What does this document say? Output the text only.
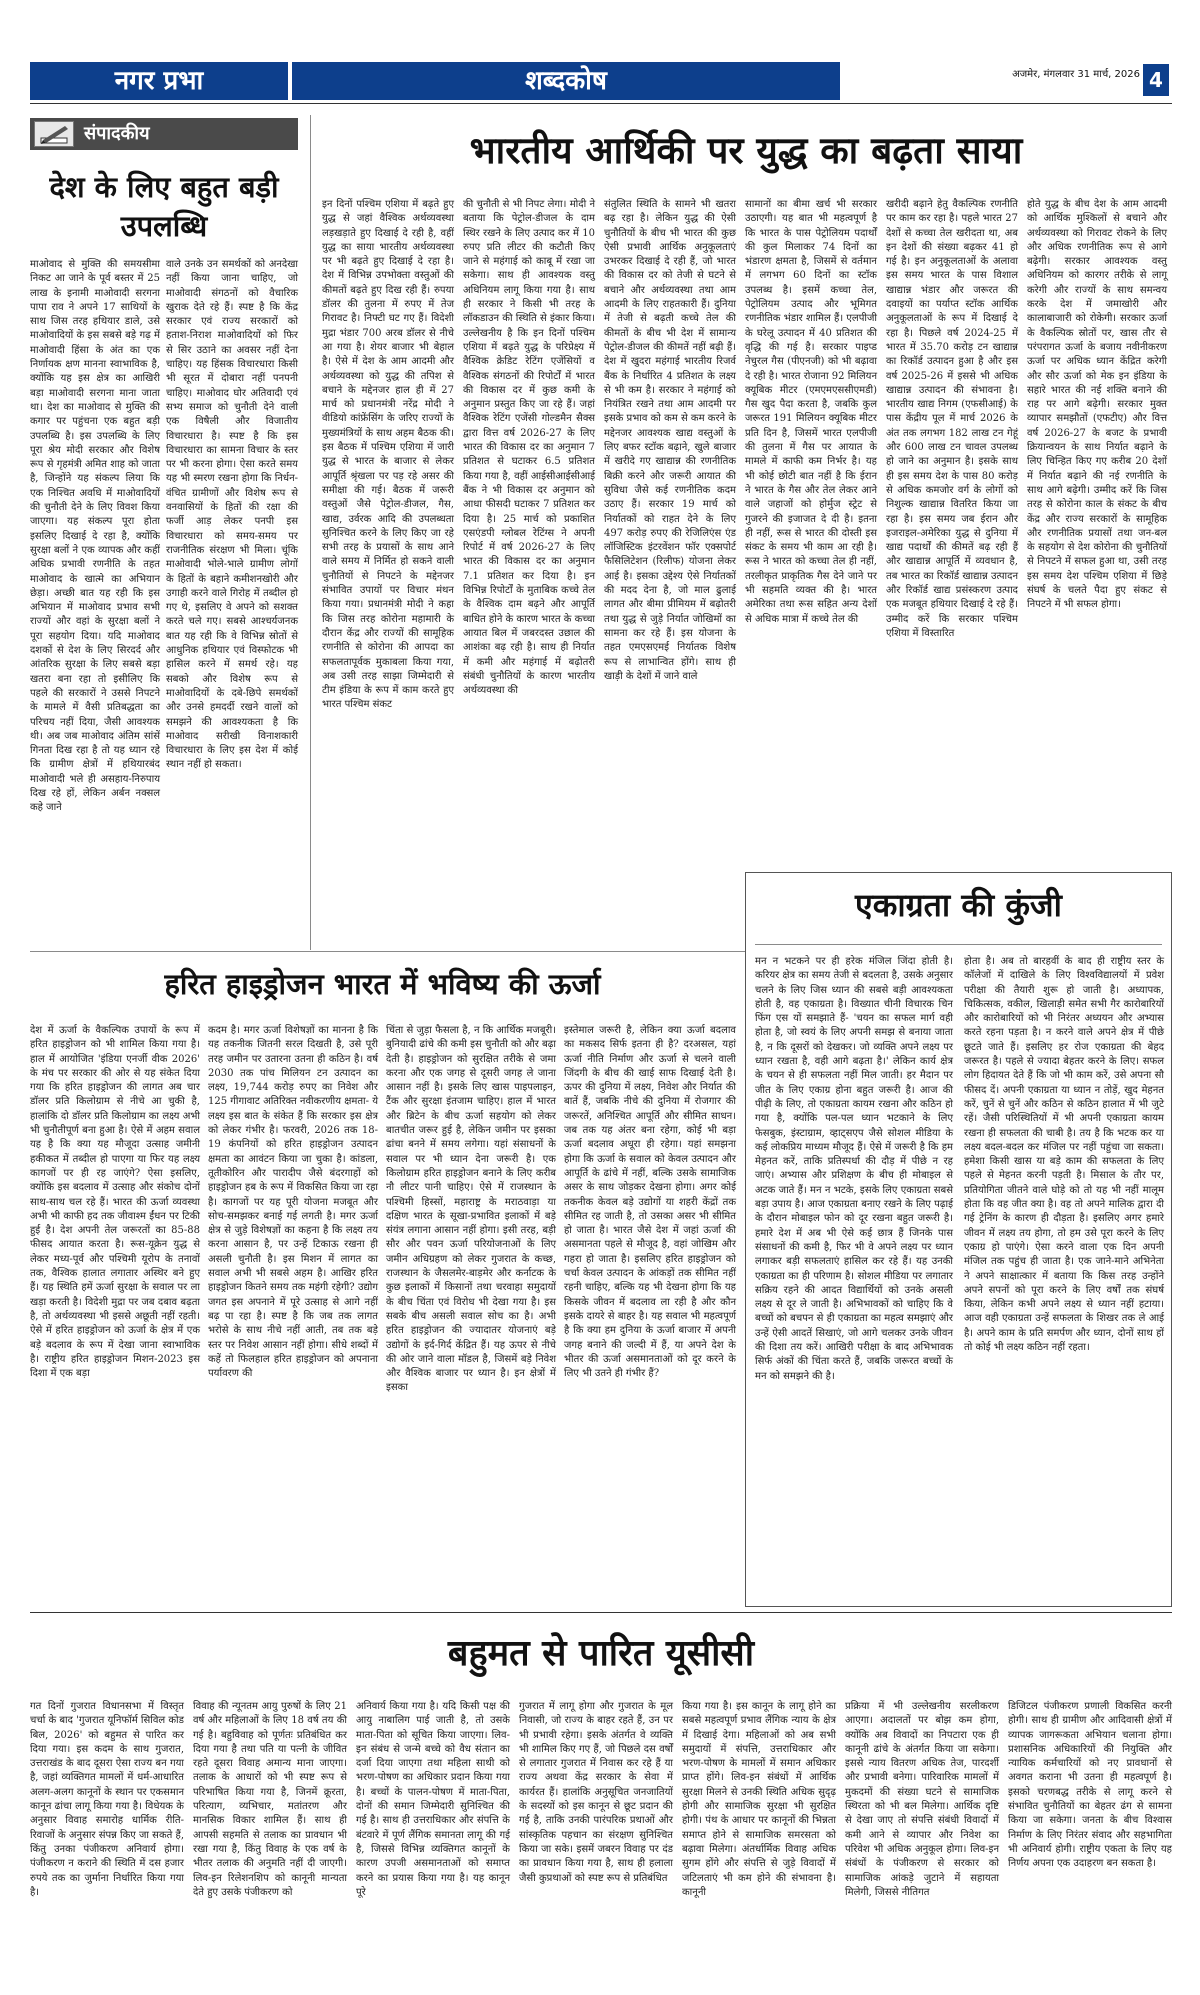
नगर प्रभा	शब्दकोष	अजमेर, मंगलवार 31 मार्च, 2026 4
संपादकीय
देश के लिए बहुत बड़ी उपलब्धि
माओवाद से मुक्ति की समयसीमा निकट आ जाने के पूर्व बस्तर में 25 लाख के इनामी माओवादी सरगना पापा राव ने अपने 17 साथियों के साथ जिस तरह हथियार डाले, उसे माओवादियों के इस सबसे बड़े गढ़ में माओवादी हिंसा के अंत का एक निर्णायक क्षण मानना स्वाभाविक है, क्योंकि यह इस क्षेत्र का आखिरी बड़ा माओवादी सरगना माना जाता था। देश का माओवाद से मुक्ति की कगार पर पहुंचना एक बहुत बड़ी उपलब्धि है। इस उपलब्धि के लिए पूरा श्रेय मोदी सरकार और विशेष रूप से गृहमंत्री अमित शाह को जाता है, जिन्होंने यह संकल्प लिया कि एक निश्चित अवधि में माओवादियों की चुनौती देने के लिए विवश किया जाएगा। यह संकल्प पूरा होता इसलिए दिखाई दे रहा है, क्योंकि सुरक्षा बलों ने एक व्यापक और कहीं अधिक प्रभावी रणनीति के तहत माओवाद के खात्मे का अभियान छेड़ा। अच्छी बात यह रही कि इस अभियान में माओवाद प्रभाव सभी राज्यों और वहां के सुरक्षा बलों ने पूरा सहयोग दिया। यदि माओवाद दशकों से देश के लिए सिरदर्द और आंतरिक सुरक्षा के लिए सबसे बड़ा खतरा बना रहा तो इसीलिए कि पहले की सरकारों ने उससे निपटने के मामले में वैसी प्रतिबद्धता का परिचय नहीं दिया, जैसी आवश्यक थी। अब जब माओवाद अंतिम सांसें गिनता दिख रहा है तो यह ध्यान रहे कि ग्रामीण क्षेत्रों में हथियारबंद माओवादी भले ही असहाय-निरुपाय दिख रहे हों, लेकिन अर्बन नक्सल कहे जाने
वाले उनके उन समर्थकों को अनदेखा नहीं किया जाना चाहिए, जो माओवादी संगठनों को वैचारिक खुराक देते रहे हैं। स्पष्ट है कि केंद्र सरकार एवं राज्य सरकारों को हताश-निराश माओवादियों को फिर से सिर उठाने का अवसर नहीं देना चाहिए। यह हिंसक विचारधारा किसी भी सूरत में दोबारा नहीं पनपनी चाहिए। माओवाद घोर अतिवादी एवं सभ्य समाज को चुनौती देने वाली एक विषैली और विजातीय विचारधारा है। स्पष्ट है कि इस विचारधारा का सामना विचार के स्तर पर भी करना होगा। ऐसा करते समय यह भी स्मरण रखना होगा कि निर्धन-वंचित ग्रामीणों और विशेष रूप से वनवासियों के हितों की रक्षा की फर्जी आड़ लेकर पनपी इस विचारधारा को समय-समय पर राजनीतिक संरक्षण भी मिला। चूंकि माओवादी भोले-भाले ग्रामीण लोगों के हितों के बहाने कमीशनखोरी और उगाही करने वाले गिरोह में तब्दील हो गए थे, इसलिए वे अपने को सशक्त करते चले गए। सबसे आश्चर्यजनक बात यह रही कि वे विभिन्न स्रोतों से आधुनिक हथियार एवं विस्फोटक भी हासिल करने में समर्थ रहे। यह सबको और विशेष रूप से माओवादियों के दबे-छिपे समर्थकों और उनसे हमदर्दी रखने वालों को समझने की आवश्यकता है कि माओवाद सरीखी विनाशकारी विचारधारा के लिए इस देश में कोई स्थान नहीं हो सकता।
भारतीय आर्थिकी पर युद्ध का बढ़ता साया
इन दिनों पश्चिम एशिया में बढ़ते हुए युद्ध से जहां वैश्विक अर्थव्यवस्था लड़खड़ाते हुए दिखाई दे रही है, वहीं युद्ध का साया भारतीय अर्थव्यवस्था पर भी बढ़ते हुए दिखाई दे रहा है। देश में विभिन्न उपभोक्ता वस्तुओं की कीमतों बढ़ते हुए दिख रही हैं। रुपया डॉलर की तुलना में रुपए में तेज गिरावट है। निफ्टी घट गए हैं। विदेशी मुद्रा भंडार 700 अरब डॉलर से नीचे आ गया है। शेयर बाजार भी बेहाल है। ऐसे में देश के आम आदमी और अर्थव्यवस्था को युद्ध की तपिश से बचाने के मद्देनजर हाल ही में 27 मार्च को प्रधानमंत्री नरेंद्र मोदी ने वीडियो कांफ्रेंसिंग के जरिए राज्यों के मुख्यमंत्रियों के साथ अहम बैठक की। इस बैठक में पश्चिम एशिया में जारी युद्ध से भारत के बाजार से लेकर आपूर्ति श्रृंखला पर पड़ रहे असर की समीक्षा की गई। बैठक में जरूरी वस्तुओं जैसे पेट्रोल-डीजल, गैस, खाद्य, उर्वरक आदि की उपलब्धता सुनिश्चित करने के लिए किए जा रहे सभी तरह के प्रयासों के साथ आने वाले समय में निर्मित हो सकने वाली चुनौतियों से निपटने के मद्देनजर संभावित उपायों पर विचार मंथन किया गया। प्रधानमंत्री मोदी ने कहा कि जिस तरह कोरोना महामारी के दौरान केंद्र और राज्यों की सामूहिक रणनीति से कोरोना की आपदा का सफलतापूर्वक मुकाबला किया गया, अब उसी तरह साझा जिम्मेदारी से टीम इंडिया के रूप में काम करते हुए भारत पश्चिम संकट
की चुनौती से भी निपट लेगा। मोदी ने बताया कि पेट्रोल-डीजल के दाम स्थिर रखने के लिए उत्पाद कर में 10 रुपए प्रति लीटर की कटौती किए जाने से महंगाई को काबू में रखा जा सकेगा। साथ ही आवश्यक वस्तु अधिनियम लागू किया गया है। साथ ही सरकार ने किसी भी तरह के लॉकडाउन की स्थिति से इंकार किया। उल्लेखनीय है कि इन दिनों पश्चिम एशिया में बढ़ते युद्ध के परिप्रेक्ष्य में वैश्विक क्रेडिट रेटिंग एजेंसियों व वैश्विक संगठनों की रिपोर्टों में भारत की विकास दर में कुछ कमी के अनुमान प्रस्तुत किए जा रहे हैं। जहां वैश्विक रेटिंग एजेंसी गोल्डमैन सैक्स द्वारा वित्त वर्ष 2026-27 के लिए भारत की विकास दर का अनुमान 7 प्रतिशत से घटाकर 6.5 प्रतिशत किया गया है, वहीं आईसीआईसीआई बैंक ने भी विकास दर अनुमान को आधा फीसदी घटाकर 7 प्रतिशत कर दिया है। 25 मार्च को प्रकाशित एसएंडपी ग्लोबल रेटिंग्स ने अपनी रिपोर्ट में वर्ष 2026-27 के लिए भारत की विकास दर का अनुमान 7.1 प्रतिशत कर दिया है। इन विभिन्न रिपोर्टों के मुताबिक कच्चे तेल के वैश्विक दाम बढ़ने और आपूर्ति बाधित होने के कारण भारत के कच्चा आयात बिल में जबरदस्त उछाल की आशंका बढ़ रही है। साथ ही निर्यात में कमी और महंगाई में बढ़ोतरी संबंधी चुनौतियों के कारण भारतीय अर्थव्यवस्था की
संतुलित स्थिति के सामने भी खतरा बढ़ रहा है। लेकिन युद्ध की ऐसी चुनौतियों के बीच भी भारत की कुछ ऐसी प्रभावी आर्थिक अनुकूलताएं उभरकर दिखाई दे रही हैं, जो भारत की विकास दर को तेजी से घटने से बचाने और अर्थव्यवस्था तथा आम आदमी के लिए राहतकारी हैं। दुनिया में तेजी से बढ़ती कच्चे तेल की कीमतों के बीच भी देश में सामान्य पेट्रोल-डीजल की कीमतें नहीं बढ़ी हैं। देश में खुदरा महंगाई भारतीय रिजर्व बैंक के निर्धारित 4 प्रतिशत के लक्ष्य से भी कम है। सरकार ने महंगाई को नियंत्रित रखने तथा आम आदमी पर इसके प्रभाव को कम से कम करने के मद्देनजर आवश्यक खाद्य वस्तुओं के लिए बफर स्टॉक बढ़ाने, खुले बाजार में खरीदे गए खाद्यान्न की रणनीतिक बिक्री करने और जरूरी आयात की सुविधा जैसे कई रणनीतिक कदम उठाए हैं। सरकार 19 मार्च को निर्यातकों को राहत देने के लिए 497 करोड़ रुपए की रेजिलिएंस एंड लॉजिस्टिक इंटरवेंशन फॉर एक्सपोर्ट फैसिलिटेशन (रिलीफ) योजना लेकर आई है। इसका उद्देश्य ऐसे निर्यातकों की मदद देना है, जो माल ढुलाई लागत और बीमा प्रीमियम में बढ़ोतरी तथा युद्ध से जुड़े निर्यात जोखिमों का सामना कर रहे हैं। इस योजना के तहत एमएसएमई निर्यातक विशेष रूप से लाभान्वित होंगे। साथ ही खाड़ी के देशों में जाने वाले
सामानों का बीमा खर्च भी सरकार उठाएगी। यह बात भी महत्वपूर्ण है कि भारत के पास पेट्रोलियम पदार्थों की कुल मिलाकर 74 दिनों का भंडारण क्षमता है, जिसमें से वर्तमान में लगभग 60 दिनों का स्टॉक उपलब्ध है। इसमें कच्चा तेल, पेट्रोलियम उत्पाद और भूमिगत रणनीतिक भंडार शामिल हैं। एलपीजी के घरेलू उत्पादन में 40 प्रतिशत की वृद्धि की गई है। सरकार पाइप्ड नेचुरल गैस (पीएनजी) को भी बढ़ावा दे रही है। भारत रोजाना 92 मिलियन क्यूबिक मीटर (एमएमएससीएमडी) गैस खुद पैदा करता है, जबकि कुल जरूरत 191 मिलियन क्यूबिक मीटर प्रति दिन है, जिसमें भारत एलपीजी की तुलना में गैस पर आयात के मामले में काफी कम निर्भर है। यह भी कोई छोटी बात नहीं है कि ईरान ने भारत के गैस और तेल लेकर आने वाले जहाजों को होर्मुज स्ट्रेट से गुजरने की इजाजत दे दी है। इतना ही नहीं, रूस से भारत की दोस्ती इस संकट के समय भी काम आ रही है। रूस ने भारत को कच्चा तेल ही नहीं, तरलीकृत प्राकृतिक गैस देने जाने पर भी सहमति व्यक्त की है। भारत अमेरिका तथा रूस सहित अन्य देशों से अधिक मात्रा में कच्चे तेल की
खरीदी बढ़ाने हेतु वैकल्पिक रणनीति पर काम कर रहा है। पहले भारत 27 देशों से कच्चा तेल खरीदता था, अब इन देशों की संख्या बढ़कर 41 हो गई है। इन अनुकूलताओं के अलावा इस समय भारत के पास विशाल खाद्यान्न भंडार और जरूरत की दवाइयों का पर्याप्त स्टॉक आर्थिक अनुकूलताओं के रूप में दिखाई दे रहा है। पिछले वर्ष 2024-25 में भारत में 35.70 करोड़ टन खाद्यान्न का रिकॉर्ड उत्पादन हुआ है और इस वर्ष 2025-26 में इससे भी अधिक खाद्यान्न उत्पादन की संभावना है। भारतीय खाद्य निगम (एफसीआई) के पास केंद्रीय पूल में मार्च 2026 के अंत तक लगभग 182 लाख टन गेहूं और 600 लाख टन चावल उपलब्ध हो जाने का अनुमान है। इसके साथ ही इस समय देश के पास 80 करोड़ से अधिक कमजोर वर्ग के लोगों को निशुल्क खाद्यान्न वितरित किया जा रहा है। इस समय जब ईरान और इजराइल-अमेरिका युद्ध से दुनिया में खाद्य पदार्थों की कीमतें बढ़ रही हैं और खाद्यान्न आपूर्ति में व्यवधान है, तब भारत का रिकॉर्ड खाद्यान्न उत्पादन और रिकॉर्ड खाद्य प्रसंस्करण उत्पाद एक मजबूत हथियार दिखाई दे रहे हैं। उम्मीद करें कि सरकार पश्चिम एशिया में विस्तारित
होते युद्ध के बीच देश के आम आदमी को आर्थिक मुश्किलों से बचाने और अर्थव्यवस्था को गिरावट रोकने के लिए और अधिक रणनीतिक रूप से आगे बढ़ेगी। सरकार आवश्यक वस्तु अधिनियम को कारगर तरीके से लागू करेगी और राज्यों के साथ समन्वय करके देश में जमाखोरी और कालाबाजारी को रोकेगी। सरकार ऊर्जा के वैकल्पिक स्रोतों पर, खास तौर से परंपरागत ऊर्जा के बजाय नवीनीकरण ऊर्जा पर अधिक ध्यान केंद्रित करेगी और सौर ऊर्जा को मेक इन इंडिया के सहारे भारत की नई शक्ति बनाने की राह पर आगे बढ़ेगी। सरकार मुक्त व्यापार समझौतों (एफटीए) और वित्त वर्ष 2026-27 के बजट के प्रभावी क्रियान्वयन के साथ निर्यात बढ़ाने के लिए चिन्हित किए गए करीब 20 देशों में निर्यात बढ़ाने की नई रणनीति के साथ आगे बढ़ेगी। उम्मीद करें कि जिस तरह से कोरोना काल के संकट के बीच केंद्र और राज्य सरकारों के सामूहिक और रणनीतिक प्रयासों तथा जन-बल के सहयोग से देश कोरोना की चुनौतियों से निपटने में सफल हुआ था, उसी तरह इस समय देश पश्चिम एशिया में छिड़े संघर्ष के चलते पैदा हुए संकट से निपटने में भी सफल होगा।
एकाग्रता की कुंजी
मन न भटकने पर ही हरेक मंजिल जिंदा होती है। करियर क्षेत्र का समय तेजी से बदलता है, उसके अनुसार चलने के लिए जिस ध्यान की सबसे बड़ी आवश्यकता होती है, वह एकाग्रता है। विख्यात चीनी विचारक चिन फिंग एस यों समझाते हैं- 'चयन का सफल मार्ग वही होता है, जो स्वयं के लिए अपनी समझ से बनाया जाता है, न कि दूसरों को देखकर। जो व्यक्ति अपने लक्ष्य पर ध्यान रखता है, वही आगे बढ़ता है।' लेकिन कार्य क्षेत्र के चयन से ही सफलता नहीं मिल जाती। हर मैदान पर जीत के लिए एकाग्र होना बहुत जरूरी है। आज की पीढ़ी के लिए, तो एकाग्रता कायम रखना और कठिन हो गया है, क्योंकि पल-पल ध्यान भटकाने के लिए फेसबुक, इंस्टाग्राम, व्हाट्सएप जैसे सोशल मीडिया के कई लोकप्रिय माध्यम मौजूद हैं। ऐसे में जरूरी है कि हम मेहनत करें, ताकि प्रतिस्पर्धा की दौड़ में पीछे न रह जाएं। अभ्यास और प्रशिक्षण के बीच ही मोबाइल से अटक जाते हैं। मन न भटके, इसके लिए एकाग्रता सबसे बड़ा उपाय है। आज एकाग्रता बनाए रखने के लिए पढ़ाई के दौरान मोबाइल फोन को दूर रखना बहुत जरूरी है। हमारे देश में अब भी ऐसे कई छात्र हैं जिनके पास संसाधनों की कमी है, फिर भी वे अपने लक्ष्य पर ध्यान लगाकर बड़ी सफलताएं हासिल कर रहे हैं। यह उनकी एकाग्रता का ही परिणाम है। सोशल मीडिया पर लगातार सक्रिय रहने की आदत विद्यार्थियों को उनके असली लक्ष्य से दूर ले जाती है। अभिभावकों को चाहिए कि वे बच्चों को बचपन से ही एकाग्रता का महत्व समझाएं और उन्हें ऐसी आदतें सिखाएं, जो आगे चलकर उनके जीवन की दिशा तय करें। आखिरी परीक्षा के बाद अभिभावक सिर्फ अंकों की चिंता करते हैं, जबकि जरूरत बच्चों के मन को समझने की है।
होता है। अब तो बारहवीं के बाद ही राष्ट्रीय स्तर के कॉलेजों में दाखिले के लिए विश्वविद्यालयों में प्रवेश परीक्षा की तैयारी शुरू हो जाती है। अध्यापक, चिकित्सक, वकील, खिलाड़ी समेत सभी गैर कारोबारियों और कारोबारियों को भी निरंतर अध्ययन और अभ्यास करते रहना पड़ता है। न करने वाले अपने क्षेत्र में पीछे छूटते जाते हैं। इसलिए हर रोज एकाग्रता की बेहद जरूरत है। पहले से ज्यादा बेहतर करने के लिए। सफल लोग हिदायत देते हैं कि जो भी काम करें, उसे अपना सौ फीसद दें। अपनी एकाग्रता या ध्यान न तोड़ें, खुद मेहनत करें, चुनें से चुनें और कठिन से कठिन हालात में भी जुटे रहें। जैसी परिस्थितियों में भी अपनी एकाग्रता कायम रखना ही सफलता की चाबी है। तय है कि भटक कर या लक्ष्य बदल-बदल कर मंजिल पर नहीं पहुंचा जा सकता। हमेशा किसी खास या बड़े काम की सफलता के लिए पहले से मेहनत करनी पड़ती है। मिसाल के तौर पर, प्रतियोगिता जीतने वाले घोड़े को तो यह भी नहीं मालूम होता कि वह जीत क्या है। वह तो अपने मालिक द्वारा दी गई ट्रेनिंग के कारण ही दौड़ता है। इसलिए अगर हमारे जीवन में लक्ष्य तय होगा, तो हम उसे पूरा करने के लिए एकाग्र हो पाएंगे। ऐसा करने वाला एक दिन अपनी मंजिल तक पहुंच ही जाता है। एक जाने-माने अभिनेता ने अपने साक्षात्कार में बताया कि किस तरह उन्होंने अपने सपनों को पूरा करने के लिए वर्षों तक संघर्ष किया, लेकिन कभी अपने लक्ष्य से ध्यान नहीं हटाया। आज वही एकाग्रता उन्हें सफलता के शिखर तक ले आई है। अपने काम के प्रति समर्पण और ध्यान, दोनों साथ हों तो कोई भी लक्ष्य कठिन नहीं रहता।
हरित हाइड्रोजन भारत में भविष्य की ऊर्जा
देश में ऊर्जा के वैकल्पिक उपायों के रूप में हरित हाइड्रोजन को भी शामिल किया गया है। हाल में आयोजित 'इंडिया एनर्जी वीक 2026' के मंच पर सरकार की ओर से यह संकेत दिया गया कि हरित हाइड्रोजन की लागत अब चार डॉलर प्रति किलोग्राम से नीचे आ चुकी है, हालांकि दो डॉलर प्रति किलोग्राम का लक्ष्य अभी भी चुनौतीपूर्ण बना हुआ है। ऐसे में अहम सवाल यह है कि क्या यह मौजूदा उत्साह जमीनी हकीकत में तब्दील हो पाएगा या फिर यह लक्ष्य कागजों पर ही रह जाएंगे? ऐसा इसलिए, क्योंकि इस बदलाव में उत्साह और संकोच दोनों साथ-साथ चल रहे हैं। भारत की ऊर्जा व्यवस्था अभी भी काफी हद तक जीवाश्म ईंधन पर टिकी हुई है। देश अपनी तेल जरूरतों का 85-88 फीसद आयात करता है। रूस-यूक्रेन युद्ध से लेकर मध्य-पूर्व और पश्चिमी यूरोप के तनावों तक, वैश्विक हालात लगातार अस्थिर बने हुए हैं। यह स्थिति हमें ऊर्जा सुरक्षा के सवाल पर ला खड़ा करती है। विदेशी मुद्रा पर जब दबाव बढ़ता है, तो अर्थव्यवस्था भी इससे अछूती नहीं रहती। ऐसे में हरित हाइड्रोजन को ऊर्जा के क्षेत्र में एक बड़े बदलाव के रूप में देखा जाना स्वाभाविक है। राष्ट्रीय हरित हाइड्रोजन मिशन-2023 इस दिशा में एक बड़ा
कदम है। मगर ऊर्जा विशेषज्ञों का मानना है कि यह तकनीक जितनी सरल दिखती है, उसे पूरी तरह जमीन पर उतारना उतना ही कठिन है। वर्ष 2030 तक पांच मिलियन टन उत्पादन का लक्ष्य, 19,744 करोड़ रुपए का निवेश और 125 गीगावाट अतिरिक्त नवीकरणीय क्षमता- ये लक्ष्य इस बात के संकेत हैं कि सरकार इस क्षेत्र को लेकर गंभीर है। फरवरी, 2026 तक 18-19 कंपनियों को हरित हाइड्रोजन उत्पादन क्षमता का आवंटन किया जा चुका है। कांडला, तूतीकोरिन और पारादीप जैसे बंदरगाहों को हाइड्रोजन हब के रूप में विकसित किया जा रहा है। कागजों पर यह पूरी योजना मजबूत और सोच-समझकर बनाई गई लगती है। मगर ऊर्जा क्षेत्र से जुड़े विशेषज्ञों का कहना है कि लक्ष्य तय करना आसान है, पर उन्हें टिकाऊ रखना ही असली चुनौती है। इस मिशन में लागत का सवाल अभी भी सबसे अहम है। आखिर हरित हाइड्रोजन कितने समय तक महंगी रहेगी? उद्योग जगत इस अपनाने में पूरे उत्साह से आगे नहीं बढ़ पा रहा है। स्पष्ट है कि जब तक लागत भरोसे के साथ नीचे नहीं आती, तब तक बड़े स्तर पर निवेश आसान नहीं होगा। सीधे शब्दों में कहें तो फिलहाल हरित हाइड्रोजन को अपनाना पर्यावरण की
चिंता से जुड़ा फैसला है, न कि आर्थिक मजबूरी। बुनियादी ढांचे की कमी इस चुनौती को और बढ़ा देती है। हाइड्रोजन को सुरक्षित तरीके से जमा करना और एक जगह से दूसरी जगह ले जाना आसान नहीं है। इसके लिए खास पाइपलाइन, टैंक और सुरक्षा इंतजाम चाहिए। हाल में भारत और ब्रिटेन के बीच ऊर्जा सहयोग को लेकर बातचीत जरूर हुई है, लेकिन जमीन पर इसका ढांचा बनने में समय लगेगा। यहां संसाधनों के सवाल पर भी ध्यान देना जरूरी है। एक किलोग्राम हरित हाइड्रोजन बनाने के लिए करीब नौ लीटर पानी चाहिए। ऐसे में राजस्थान के पश्चिमी हिस्सों, महाराष्ट्र के मराठवाड़ा या दक्षिण भारत के सूखा-प्रभावित इलाकों में बड़े संयंत्र लगाना आसान नहीं होगा। इसी तरह, बड़ी सौर और पवन ऊर्जा परियोजनाओं के लिए जमीन अधिग्रहण को लेकर गुजरात के कच्छ, राजस्थान के जैसलमेर-बाड़मेर और कर्नाटक के कुछ इलाकों में किसानों तथा चरवाहा समुदायों के बीच चिंता एवं विरोध भी देखा गया है। इस सबके बीच असली सवाल सोच का है। अभी हरित हाइड्रोजन की ज्यादातर योजनाएं बड़े उद्योगों के इर्द-गिर्द केंद्रित हैं। यह ऊपर से नीचे की ओर जाने वाला मॉडल है, जिसमें बड़े निवेश और वैश्विक बाजार पर ध्यान है। इन क्षेत्रों में इसका
इस्तेमाल जरूरी है, लेकिन क्या ऊर्जा बदलाव का मकसद सिर्फ इतना ही है? दरअसल, यहां ऊर्जा नीति निर्माण और ऊर्जा से चलने वाली जिंदगी के बीच की खाई साफ दिखाई देती है। ऊपर की दुनिया में लक्ष्य, निवेश और निर्यात की बातें हैं, जबकि नीचे की दुनिया में रोजगार की जरूरतें, अनिश्चित आपूर्ति और सीमित साधन। जब तक यह अंतर बना रहेगा, कोई भी बड़ा ऊर्जा बदलाव अधूरा ही रहेगा। यहां समझना होगा कि ऊर्जा के सवाल को केवल उत्पादन और आपूर्ति के ढांचे में नहीं, बल्कि उसके सामाजिक असर के साथ जोड़कर देखना होगा। अगर कोई तकनीक केवल बड़े उद्योगों या शहरी केंद्रों तक सीमित रह जाती है, तो उसका असर भी सीमित हो जाता है। भारत जैसे देश में जहां ऊर्जा की असमानता पहले से मौजूद है, वहां जोखिम और गहरा हो जाता है। इसलिए हरित हाइड्रोजन को चर्चा केवल उत्पादन के आंकड़ों तक सीमित नहीं रहनी चाहिए, बल्कि यह भी देखना होगा कि यह किसके जीवन में बदलाव ला रही है और कौन इसके दायरे से बाहर है। यह सवाल भी महत्वपूर्ण है कि क्या हम दुनिया के ऊर्जा बाजार में अपनी जगह बनाने की जल्दी में हैं, या अपने देश के भीतर की ऊर्जा असमानताओं को दूर करने के लिए भी उतने ही गंभीर हैं?
बहुमत से पारित यूसीसी
गत दिनों गुजरात विधानसभा में विस्तृत चर्चा के बाद 'गुजरात यूनिफॉर्म सिविल कोड बिल, 2026' को बहुमत से पारित कर दिया गया। इस कदम के साथ गुजरात, उत्तराखंड के बाद दूसरा ऐसा राज्य बन गया है, जहां व्यक्तिगत मामलों में धर्म-आधारित अलग-अलग कानूनों के स्थान पर एकसमान कानून ढांचा लागू किया गया है। विधेयक के अनुसार विवाह समारोह धार्मिक रीति-रिवाजों के अनुसार संपन्न किए जा सकते हैं, किंतु उनका पंजीकरण अनिवार्य होगा। पंजीकरण न कराने की स्थिति में दस हजार रुपये तक का जुर्माना निर्धारित किया गया है।
विवाह की न्यूनतम आयु पुरुषों के लिए 21 वर्ष और महिलाओं के लिए 18 वर्ष तय की गई है। बहुविवाह को पूर्णतः प्रतिबंधित कर दिया गया है तथा पति या पत्नी के जीवित रहते दूसरा विवाह अमान्य माना जाएगा। तलाक के आधारों को भी स्पष्ट रूप से परिभाषित किया गया है, जिनमें क्रूरता, परित्याग, व्यभिचार, मतांतरण और मानसिक विकार शामिल हैं। साथ ही आपसी सहमति से तलाक का प्रावधान भी रखा गया है, किंतु विवाह के एक वर्ष के भीतर तलाक की अनुमति नहीं दी जाएगी। लिव-इन रिलेशनशिप को कानूनी मान्यता देते हुए उसके पंजीकरण को
अनिवार्य किया गया है। यदि किसी पक्ष की आयु नाबालिग पाई जाती है, तो उसके माता-पिता को सूचित किया जाएगा। लिव-इन संबंध से जन्मे बच्चे को वैध संतान का दर्जा दिया जाएगा तथा महिला साथी को भरण-पोषण का अधिकार प्रदान किया गया है। बच्चों के पालन-पोषण में माता-पिता, दोनों की समान जिम्मेदारी सुनिश्चित की गई है। साथ ही उत्तराधिकार और संपत्ति के बंटवारे में पूर्ण लैंगिक समानता लागू की गई है, जिससे विभिन्न व्यक्तिगत कानूनों के कारण उपजी असमानताओं को समाप्त करने का प्रयास किया गया है। यह कानून पूरे
गुजरात में लागू होगा और गुजरात के मूल निवासी, जो राज्य के बाहर रहते हैं, उन पर भी प्रभावी रहेगा। इसके अंतर्गत वे व्यक्ति भी शामिल किए गए हैं, जो पिछले दस वर्षों से लगातार गुजरात में निवास कर रहे हैं या राज्य अथवा केंद्र सरकार के सेवा में कार्यरत हैं। हालांकि अनुसूचित जनजातियों के सदस्यों को इस कानून से छूट प्रदान की गई है, ताकि उनकी पारंपरिक प्रथाओं और सांस्कृतिक पहचान का संरक्षण सुनिश्चित किया जा सके। इसमें जबरन विवाह पर दंड का प्रावधान किया गया है, साथ ही हलाला जैसी कुप्रथाओं को स्पष्ट रूप से प्रतिबंधित
किया गया है। इस कानून के लागू होने का सबसे महत्वपूर्ण प्रभाव लैंगिक न्याय के क्षेत्र में दिखाई देगा। महिलाओं को अब सभी समुदायों में संपत्ति, उत्तराधिकार और भरण-पोषण के मामलों में समान अधिकार प्राप्त होंगे। लिव-इन संबंधों में आर्थिक सुरक्षा मिलने से उनकी स्थिति अधिक सुदृढ़ होगी और सामाजिक सुरक्षा भी सुरक्षित होगी। पंथ के आधार पर कानूनों की भिन्नता समाप्त होने से सामाजिक समरसता को बढ़ावा मिलेगा। अंतर्धार्मिक विवाह अधिक सुगम होंगे और संपत्ति से जुड़े विवादों में जटिलताएं भी कम होने की संभावना है। कानूनी
प्रक्रिया में भी उल्लेखनीय सरलीकरण आएगा। अदालतों पर बोझ कम होगा, क्योंकि अब विवादों का निपटारा एक ही कानूनी ढांचे के अंतर्गत किया जा सकेगा। इससे न्याय वितरण अधिक तेज, पारदर्शी और प्रभावी बनेगा। पारिवारिक मामलों में मुकदमों की संख्या घटने से सामाजिक स्थिरता को भी बल मिलेगा। आर्थिक दृष्टि से देखा जाए तो संपत्ति संबंधी विवादों में कमी आने से व्यापार और निवेश का परिवेश भी अधिक अनुकूल होगा। लिव-इन संबंधों के पंजीकरण से सरकार को सामाजिक आंकड़े जुटाने में सहायता मिलेगी, जिससे नीतिगत
डिजिटल पंजीकरण प्रणाली विकसित करनी होगी। साथ ही ग्रामीण और आदिवासी क्षेत्रों में व्यापक जागरूकता अभियान चलाना होगा। प्रशासनिक अधिकारियों की नियुक्ति और न्यायिक कर्मचारियों को नए प्रावधानों से अवगत कराना भी उतना ही महत्वपूर्ण है। इसको चरणबद्ध तरीके से लागू करने से संभावित चुनौतियों का बेहतर ढंग से सामना किया जा सकेगा। जनता के बीच विश्वास निर्माण के लिए निरंतर संवाद और सहभागिता भी अनिवार्य होगी। राष्ट्रीय एकता के लिए यह निर्णय अपना एक उदाहरण बन सकता है।
